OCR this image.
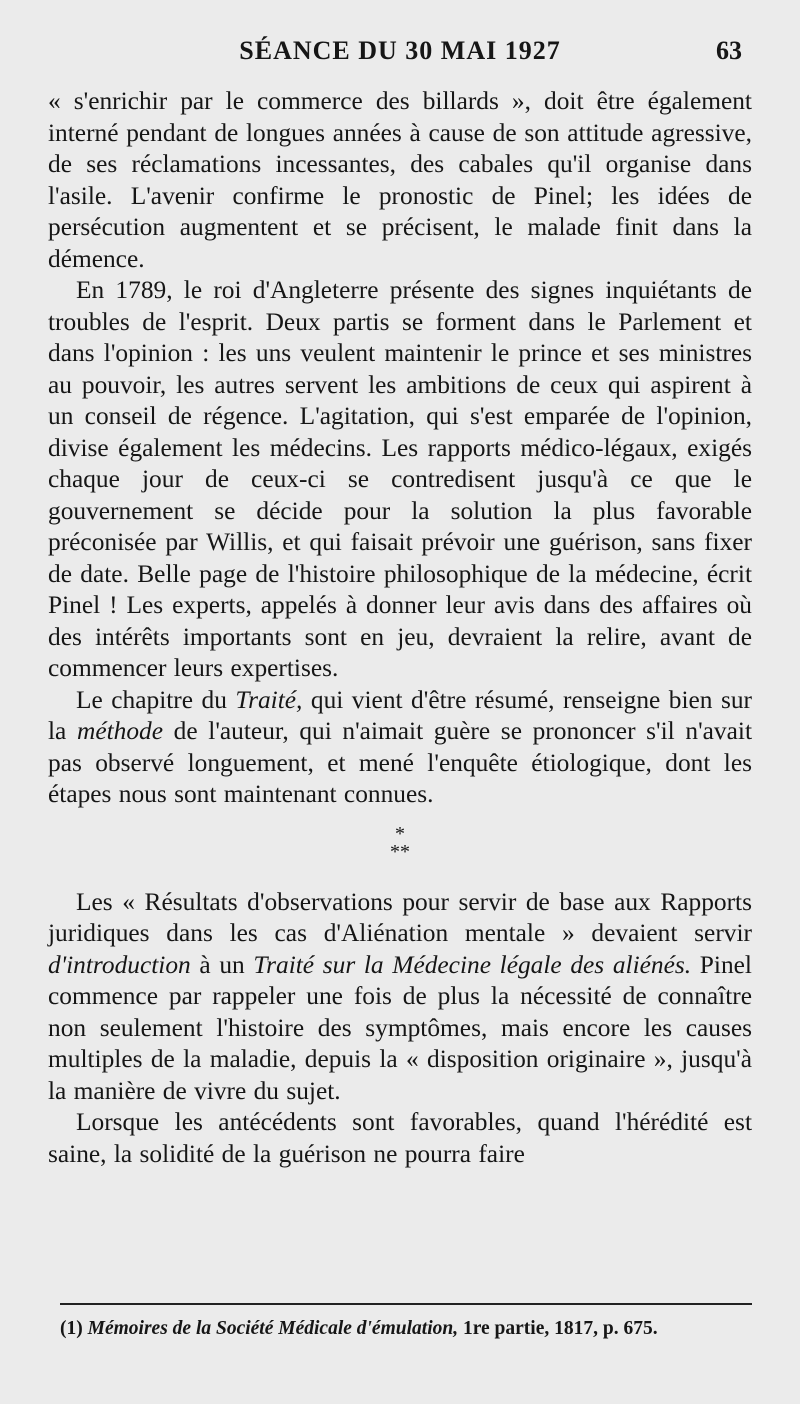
SÉANCE DU 30 MAI 1927	63

« s'enrichir par le commerce des billards », doit être également interné pendant de longues années à cause de son attitude agressive, de ses réclamations incessantes, des cabales qu'il organise dans l'asile. L'avenir confirme le pronostic de Pinel; les idées de persécution augmentent et se précisent, le malade finit dans la démence.

En 1789, le roi d'Angleterre présente des signes inquiétants de troubles de l'esprit. Deux partis se forment dans le Parlement et dans l'opinion : les uns veulent maintenir le prince et ses ministres au pouvoir, les autres servent les ambitions de ceux qui aspirent à un conseil de régence. L'agitation, qui s'est emparée de l'opinion, divise également les médecins. Les rapports médico-légaux, exigés chaque jour de ceux-ci se contredisent jusqu'à ce que le gouvernement se décide pour la solution la plus favorable préconisée par Willis, et qui faisait prévoir une guérison, sans fixer de date. Belle page de l'histoire philosophique de la médecine, écrit Pinel ! Les experts, appelés à donner leur avis dans des affaires où des intérêts importants sont en jeu, devraient la relire, avant de commencer leurs expertises.

Le chapitre du Traité, qui vient d'être résumé, renseigne bien sur la méthode de l'auteur, qui n'aimait guère se prononcer s'il n'avait pas observé longuement, et mené l'enquête étiologique, dont les étapes nous sont maintenant connues.

*
**

Les « Résultats d'observations pour servir de base aux Rapports juridiques dans les cas d'Aliénation mentale » devaient servir d'introduction à un Traité sur la Médecine légale des aliénés. Pinel commence par rappeler une fois de plus la nécessité de connaître non seulement l'histoire des symptômes, mais encore les causes multiples de la maladie, depuis la « disposition originaire », jusqu'à la manière de vivre du sujet.

Lorsque les antécédents sont favorables, quand l'hérédité est saine, la solidité de la guérison ne pourra faire

(1) Mémoires de la Société Médicale d'émulation, 1re partie, 1817, p. 675.
